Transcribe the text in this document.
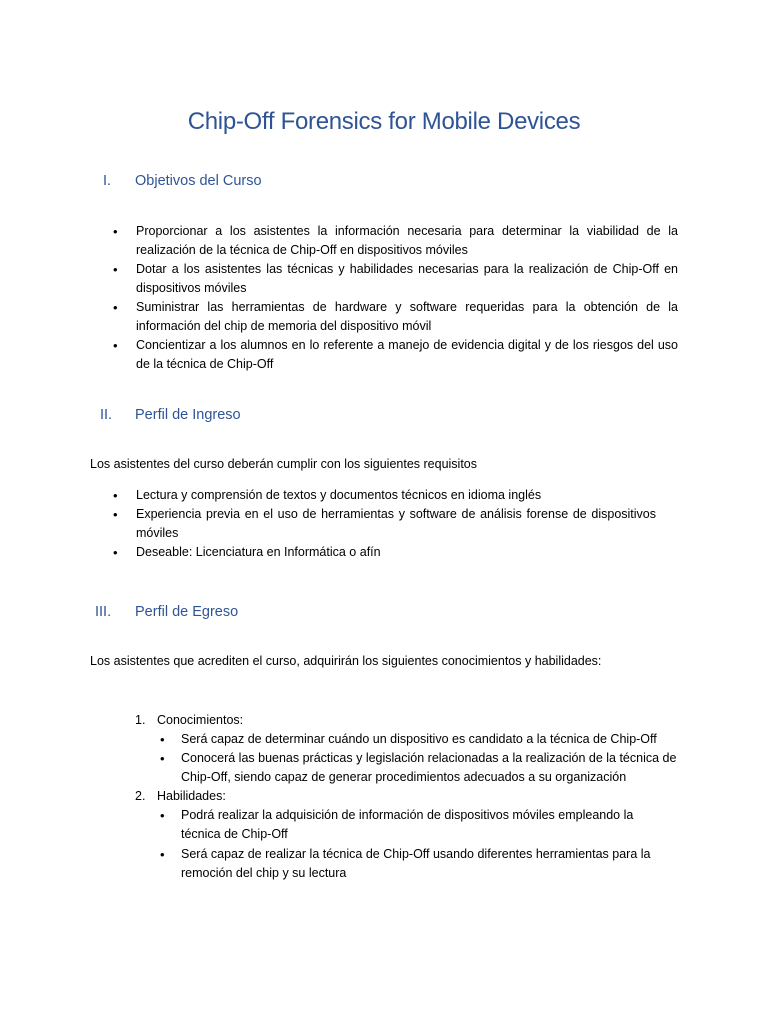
Chip-Off Forensics for Mobile Devices
I. Objetivos del Curso
• Proporcionar a los asistentes la información necesaria para determinar la viabilidad de la realización de la técnica de Chip-Off en dispositivos móviles
• Dotar a los asistentes las técnicas y habilidades necesarias para la realización de Chip-Off en dispositivos móviles
• Suministrar las herramientas de hardware y software requeridas para la obtención de la información del chip de memoria del dispositivo móvil
• Concientizar a los alumnos en lo referente a manejo de evidencia digital y de los riesgos del uso de la técnica de Chip-Off
II. Perfil de Ingreso
Los asistentes del curso deberán cumplir con los siguientes requisitos
• Lectura y comprensión de textos y documentos técnicos en idioma inglés
• Experiencia previa en el uso de herramientas y software de análisis forense de dispositivos móviles
• Deseable: Licenciatura en Informática o afín
III. Perfil de Egreso
Los asistentes que acrediten el curso, adquirirán los siguientes conocimientos y habilidades:
1. Conocimientos:
• Será capaz de determinar cuándo un dispositivo es candidato a la técnica de Chip-Off
• Conocerá las buenas prácticas y legislación relacionadas a la realización de la técnica de Chip-Off, siendo capaz de generar procedimientos adecuados a su organización
2. Habilidades:
• Podrá realizar la adquisición de información de dispositivos móviles empleando la técnica de Chip-Off
• Será capaz de realizar la técnica de Chip-Off usando diferentes herramientas para la remoción del chip y su lectura
